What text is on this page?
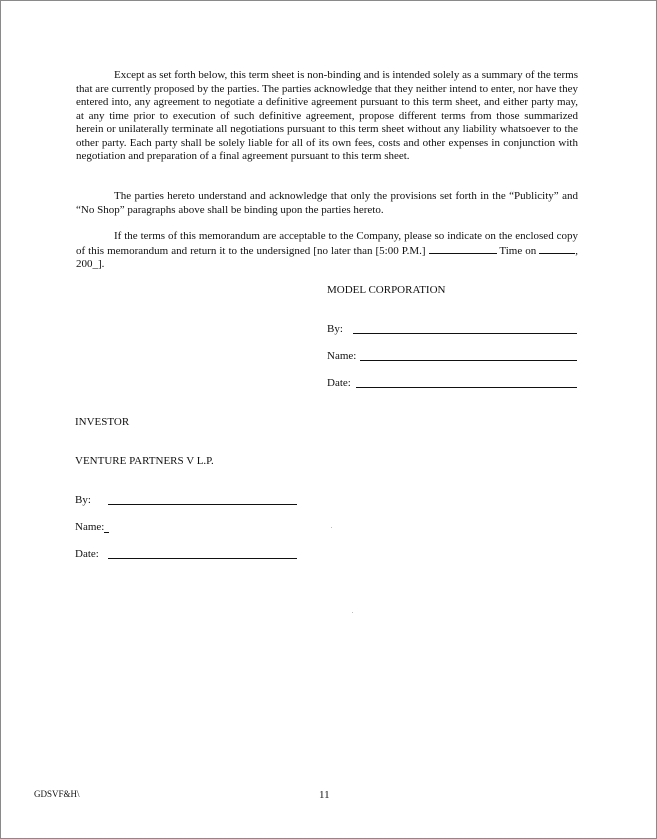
Except as set forth below, this term sheet is non-binding and is intended solely as a summary of the terms that are currently proposed by the parties. The parties acknowledge that they neither intend to enter, nor have they entered into, any agreement to negotiate a definitive agreement pursuant to this term sheet, and either party may, at any time prior to execution of such definitive agreement, propose different terms from those summarized herein or unilaterally terminate all negotiations pursuant to this term sheet without any liability whatsoever to the other party. Each party shall be solely liable for all of its own fees, costs and other expenses in conjunction with negotiation and preparation of a final agreement pursuant to this term sheet.

The parties hereto understand and acknowledge that only the provisions set forth in the “Publicity” and “No Shop” paragraphs above shall be binding upon the parties hereto.

If the terms of this memorandum are acceptable to the Company, please so indicate on the enclosed copy of this memorandum and return it to the undersigned [no later than [5:00 P.M.]	Time on	, 200_].

MODEL CORPORATION
By:
Name:
Date:
INVESTOR
VENTURE PARTNERS V L.P.
By:
Name:
Date:
GDSVF&H\	11
